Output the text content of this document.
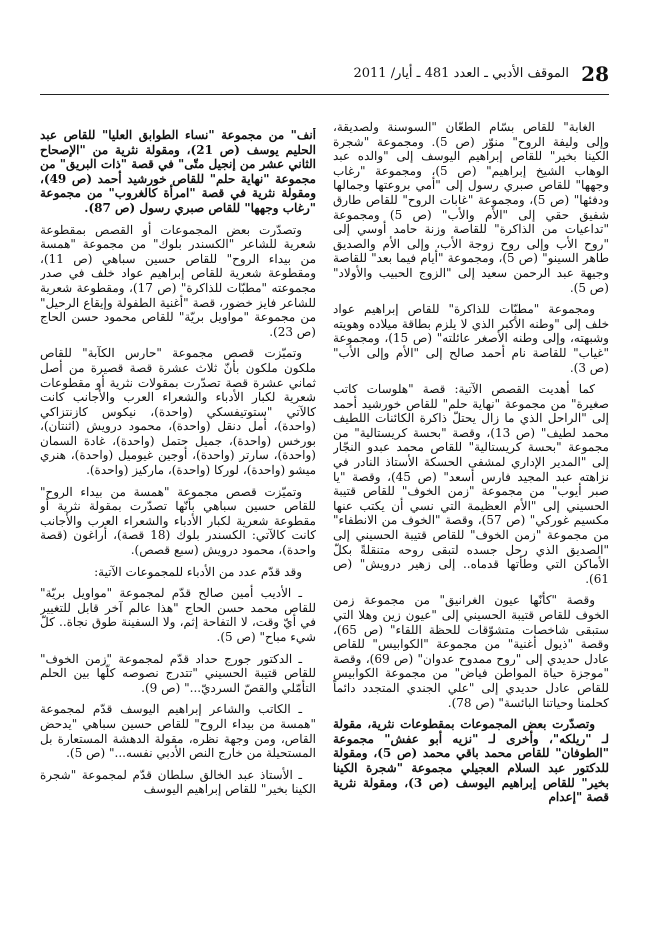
28
الموقف الأدبي ـ العدد 481 ـ أيار/ 2011

الغابة" للقاص بسّام الطعّان "السوسنة ولصديقة، وإلى وليفة الروح" منوّر (ص 5). ومجموعة "شجرة الكينا بخير" للقاص إبراهيم اليوسف إلى "والده عبد الوهاب الشيخ إبراهيم" (ص 5)، ومجموعة "رغاب وجهها" للقاص صبري رسول إلى "أمي بروعتها وجمالها ودفئها" (ص 5)، ومجموعة "غابات الروح" للقاص طارق شفيق حقي إلى "الأم والأب" (ص 5) ومجموعة "تداعيات من الذاكرة" للقاصة وزنة حامد أوسي إلى "روح الأب وإلى روح زوجة الأب، وإلى الأم والصديق طاهر السينو" (ص 5)، ومجموعة "أيام فيما بعد" للقاصة وجيهة عبد الرحمن سعيد إلى "الزوج الحبيب والأولاد" (ص 5).

ومجموعة "مطبّات للذاكرة" للقاص إبراهيم عواد خلف إلى "وطنه الأكبر الذي لا يلزم بطاقة ميلاده وهويته وشبهته، وإلى وطنه الأصغر عائلته" (ص 15)، ومجموعة "غياب" للقاصة نام أحمد صالح إلى "الأم وإلى الأب" (ص 3).

كما أهديت القصص الآتية: قصة "هلوسات كاتب صغيرة" من مجموعة "نهاية حلم" للقاص خورشيد أحمد إلى "الراحل الذي ما زال يحتلّ ذاكرة الكائنات اللطيف محمد لطيف" (ص 13)، وقصة "بحسة كريستالية" من مجموعة "بحسة كريستالية" للقاص محمد عبدو النجّار إلى "المدير الإداري لمشفى الحسكة الأستاذ النادر في نزاهته عبد المجيد فارس أسعد" (ص 45)، وقصة "يا صبر أيوب" من مجموعة "زمن الخوف" للقاص قتيبة الحسيني إلى "الأم العظيمة التي نسي أن يكتب عنها مكسيم غوركي" (ص 57)، وقصة "الخوف من الانطفاء" من مجموعة "زمن الخوف" للقاص قتيبة الحسيني إلى "الصديق الذي رحل جسده لتبقى روحه متنقلةً بكلّ الأماكن التي وطأتها قدماه.. إلى زهير درويش" (ص 61).

وقصة "كأنّها عيون الغرانيق" من مجموعة زمن الخوف للقاص قتيبة الحسيني إلى "عيون زين وهلا التي ستبقى شاخصات متشوّقات للحظة اللقاء" (ص 65)، وقصة "ذيول أغنية" من مجموعة "الكوابيس" للقاص عادل حديدي إلى "روح ممدوح عدوان" (ص 69)، وقصة "موجزة حياة المواطن فياض" من مجموعة الكوابيس للقاص عادل حديدي إلى "علي الجندي المتجدد دائماً كحلمنا وحياتنا البائسة" (ص 78).

وتصدّرت بعض المجموعات بمقطوعات نثرية، مقولة لـ "ريلكه"، وأخرى لـ "نزيه أبو عفش" مجموعة "الطوفان" للقاص محمد باقي محمد (ص 5)، ومقولة للدكتور عبد السلام العجيلي مجموعة "شجرة الكينا بخير" للقاص إبراهيم اليوسف (ص 3)، ومقولة نثرية قصة "إعدام

أنف" من مجموعة "نساء الطوابق العليا" للقاص عبد الحليم يوسف (ص 21)، ومقولة نثرية من "الإصحاح الثاني عشر من إنجيل متّى" في قصة "ذات البريق" من مجموعة "نهاية حلم" للقاص خورشيد أحمد (ص 49)، ومقولة نثرية في قصة "امرأة كالغروب" من مجموعة "رغاب وجهها" للقاص صبري رسول (ص 87).

وتصدّرت بعض المجموعات أو القصص بمقطوعة شعرية للشاعر "الكسندر بلوك" من مجموعة "همسة من بيداء الروح" للقاص حسين سباهي (ص 11)، ومقطوعة شعرية للقاص إبراهيم عواد خلف في صدر مجموعته "مطبّات للذاكرة" (ص 17)، ومقطوعة شعرية للشاعر فايز خضور، قصة "أغنية الطفولة وإيقاع الرحيل" من مجموعة "مواويل بريّة" للقاص محمود حسن الحاج (ص 23).

وتميّزت قصص مجموعة "حارس الكآبة" للقاص ملكون ملكون بأنّ ثلاث عشرة قصة قصيرة من أصل ثماني عشرة قصة تصدّرت بمقولات نثرية أو مقطوعات شعرية لكبار الأدباء والشعراء العرب والأجانب كانت كالآتي "ستوتيفسكي (واحدة)، نيكوس كازنتزاكي (واحدة)، أمل دنقل (واحدة)، محمود درويش (اثنتان)، بورخس (واحدة)، جميل حتمل (واحدة)، غادة السمان (واحدة)، سارتر (واحدة)، أوجين غيوميل (واحدة)، هنري ميشو (واحدة)، لوركا (واحدة)، ماركيز (واحدة).

وتميّزت قصص مجموعة "همسة من بيداء الروح" للقاص حسين سباهي بأنّها تصدّرت بمقولة نثرية أو مقطوعة شعرية لكبار الأدباء والشعراء العرب والأجانب كانت كالآتي: الكسندر بلوك (18 قصة)، أراغون (قصة واحدة)، محمود درويش (سبع قصص).

وقد قدّم عدد من الأدباء للمجموعات الآتية:

ـ الأديب أمين صالح قدّم لمجموعة "مواويل بريّة" للقاص محمد حسن الحاج "هذا عالم آخر قابل للتغيير في أيّ وقت، لا التفاحة إثم، ولا السفينة طوق نجاة.. كلّ شيء مباح" (ص 5).

ـ الدكتور جورج حداد قدّم لمجموعة "زمن الخوف" للقاص قتيبة الحسيني "تتدرج نصوصه كلّها بين الحلم التأمّلي والقصّ السرديّ..." (ص 9).

ـ الكاتب والشاعر إبراهيم اليوسف قدّم لمجموعة "همسة من بيداء الروح" للقاص حسين سباهي "يدحض القاص، ومن وجهة نظره، مقولة الدهشة المستعارة بل المستحيلة من خارج النص الأدبي نفسه..." (ص 5).

ـ الأستاذ عبد الخالق سلطان قدّم لمجموعة "شجرة الكينا بخير" للقاص إبراهيم اليوسف
